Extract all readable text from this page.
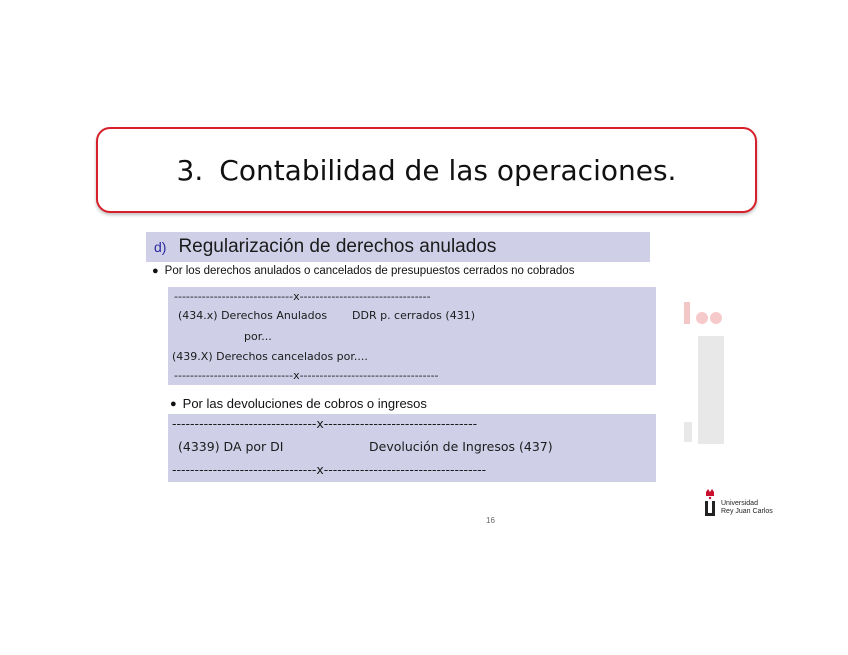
3. Contabilidad de las operaciones.
d) Regularización de derechos anulados
● Por los derechos anulados o cancelados de presupuestos cerrados no cobrados
------------------------------x---------------------------------
(434.x) Derechos Anulados DDR p. cerrados (431)
por...
(439.X) Derechos cancelados por....
------------------------------x-----------------------------------
● Por las devoluciones de cobros o ingresos
--------------------------------x----------------------------------
(4339) DA por DI	Devolución de Ingresos (437)
--------------------------------x------------------------------------
16
Universidad
Rey Juan Carlos
